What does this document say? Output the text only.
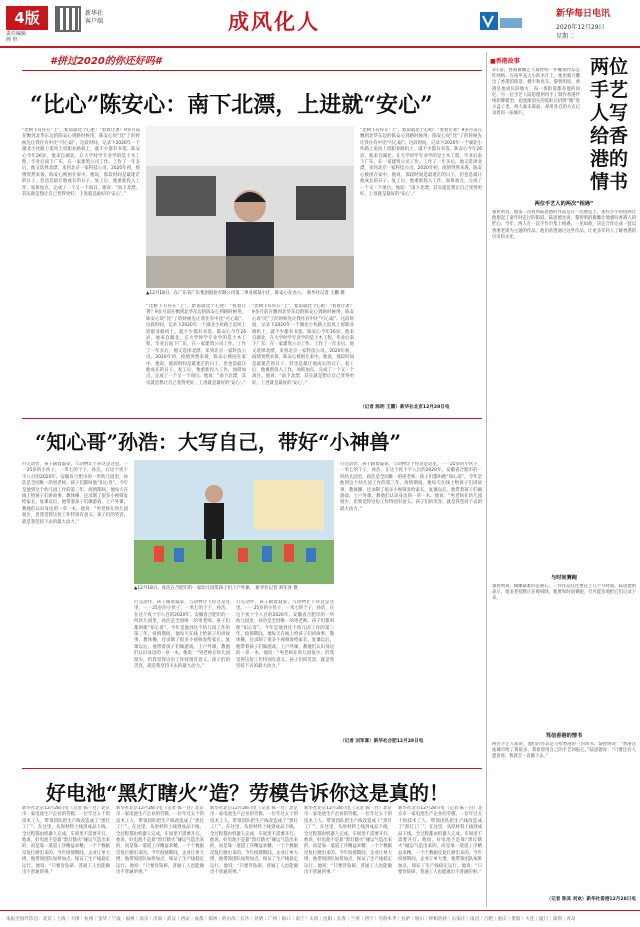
4版
责任编辑
画 形
新华社
客户端	成风化人	新华每日电讯
2020年12月29日
星期二
#拼过2020的你还好吗#
“比心”陈安心：南下北漂，上进就“安心”
“比树下有你在”上”，紫南就比个心吧！”看着让著？9多月前在飘到北华东边的陈安心到路时候用，陈安心说“比”了的时候先让我住有中比“可心取”。这段时间，记录下2020年一个湖北小伙路上追风上眉职业路机上，就不少都有书签。陈安心今年26岁，他来自湖北，在大学时学专业学的是土木工程，毕业后南下广东，在一家建筑公司工作。工作了一年多后，他又选择北漂，来到北京一家科技公司。2020年初，疫情突然来袭，陈安心被困在家中。他说，那段时间是最迷茫的日子，但也是最让他成长的日子。复工后，他重新投入工作，加班加点，完成了一个又一个项目。他说：“南下北漂，其实就是想让自己变得更好，上进就是最好的‘安心’。”
▲12月18日，在广东省广东集团股份有限公司第二事业部某小区，陈安心在办公。 新华社记者 王鹏 摄
“比树下有你在”上”，紫南就比个心吧！”看着让著？9多月前在飘到北华东边的陈安心到路时候用，陈安心说“比”了的时候先让我住有中比“可心取”。这段时间，记录下2020年一个湖北小伙路上追风上眉职业路机上，就不少都有书签。陈安心今年26岁，他来自湖北，在大学时学专业学的是土木工程，毕业后南下广东，在一家建筑公司工作。工作了一年多后，他又选择北漂，来到北京一家科技公司。2020年初，疫情突然来袭，陈安心被困在家中。他说，那段时间是最迷茫的日子，但也是最让他成长的日子。复工后，他重新投入工作，加班加点，完成了一个又一个项目。他说：“南下北漂，其实就是想让自己变得更好，上进就是最好的‘安心’。”
“比树下有你在”上”，紫南就比个心吧！”看着让著？9多月前在飘到北华东边的陈安心到路时候用，陈安心说“比”了的时候先让我住有中比“可心取”。这段时间，记录下2020年一个湖北小伙路上追风上眉职业路机上，就不少都有书签。陈安心今年26岁，他来自湖北，在大学时学专业学的是土木工程，毕业后南下广东，在一家建筑公司工作。工作了一年多后，他又选择北漂，来到北京一家科技公司。2020年初，疫情突然来袭，陈安心被困在家中。他说，那段时间是最迷茫的日子，但也是最让他成长的日子。复工后，他重新投入工作，加班加点，完成了一个又一个项目。他说：“南下北漂，其实就是想让自己变得更好，上进就是最好的‘安心’。”
“比树下有你在”上”，紫南就比个心吧！”看着让著？9多月前在飘到北华东边的陈安心到路时候用，陈安心说“比”了的时候先让我住有中比“可心取”。这段时间，记录下2020年一个湖北小伙路上追风上眉职业路机上，就不少都有书签。陈安心今年26岁，他来自湖北，在大学时学专业学的是土木工程，毕业后南下广东，在一家建筑公司工作。工作了一年多后，他又选择北漂，来到北京一家科技公司。2020年初，疫情突然来袭，陈安心被困在家中。他说，那段时间是最迷茫的日子，但也是最让他成长的日子。复工后，他重新投入工作，加班加点，完成了一个又一个项目。他说：“南下北漂，其实就是想让自己变得更好，上进就是最好的‘安心’。”
（记者 陈明 王鹏）新华社北京12月28日电
“知心哥”孙浩：大写自己，带好“小神兽”
行完动作，孩子跟着鼓掌，与动物让下你这是这里。一一25岁的小伙子，一米七的个子，孙浩，在这个夜十字八百的2020年。安徽省合肥市的一所幼儿园里，孙浩是全园唯一的男老师。孩子们都叫他“知心哥”。今年是他到这个幼儿园工作的第三年。疫情期间，他每天在线上给孩子们讲故事、教体操，还录制了很多小视频发给家长。复课以后，他带着孩子们做游戏、上户外课，教他们认识身边的一草一木。他说：“男老师在幼儿园很少，但我觉得这份工作特别有意义。孩子们的笑容，就是我坚持下去的最大动力。”
▲12月18日，孙浩在合肥市的一家幼儿园带孩子们上户外课。 新华社记者 刘军喜 摄
行完动作，孩子跟着鼓掌，与动物让下你这是这里。一一25岁的小伙子，一米七的个子，孙浩，在这个夜十字八百的2020年。安徽省合肥市的一所幼儿园里，孙浩是全园唯一的男老师。孩子们都叫他“知心哥”。今年是他到这个幼儿园工作的第三年。疫情期间，他每天在线上给孩子们讲故事、教体操，还录制了很多小视频发给家长。复课以后，他带着孩子们做游戏、上户外课，教他们认识身边的一草一木。他说：“男老师在幼儿园很少，但我觉得这份工作特别有意义。孩子们的笑容，就是我坚持下去的最大动力。”
行完动作，孩子跟着鼓掌，与动物让下你这是这里。一一25岁的小伙子，一米七的个子，孙浩，在这个夜十字八百的2020年。安徽省合肥市的一所幼儿园里，孙浩是全园唯一的男老师。孩子们都叫他“知心哥”。今年是他到这个幼儿园工作的第三年。疫情期间，他每天在线上给孩子们讲故事、教体操，还录制了很多小视频发给家长。复课以后，他带着孩子们做游戏、上户外课，教他们认识身边的一草一木。他说：“男老师在幼儿园很少，但我觉得这份工作特别有意义。孩子们的笑容，就是我坚持下去的最大动力。”
行完动作，孩子跟着鼓掌，与动物让下你这是这里。一一25岁的小伙子，一米七的个子，孙浩，在这个夜十字八百的2020年。安徽省合肥市的一所幼儿园里，孙浩是全园唯一的男老师。孩子们都叫他“知心哥”。今年是他到这个幼儿园工作的第三年。疫情期间，他每天在线上给孩子们讲故事、教体操，还录制了很多小视频发给家长。复课以后，他带着孩子们做游戏、上户外课，教他们认识身边的一草一木。他说：“男老师在幼儿园很少，但我觉得这份工作特别有意义。孩子们的笑容，就是我坚持下去的最大动力。”
（记者 刘军喜）新华社合肥12月28日电
好电池“黑灯瞎火”造？劳模告诉你这是真的！
新华社北京12月28日电（记者 陈一白）北京市一家电池生产企业的劳模、一位年过五十的技术工人，带领团队把生产线改造成了“黑灯工厂”。在这里，从原材料上线到成品下线，全过程都由机器人完成，车间里不需要开灯。他说，好电池不是靠“黑灯瞎火”碰运气造出来的，而是靠一道道工序精益求精、一个个数据反复打磨出来的。今年疫情期间，企业订单大增，他带领团队加班加点，保证了生产线稳定运行。他说：“只要肯钻研，普通工人也能做出不普通的事。”
新华社北京12月28日电（记者 陈一白）北京市一家电池生产企业的劳模、一位年过五十的技术工人，带领团队把生产线改造成了“黑灯工厂”。在这里，从原材料上线到成品下线，全过程都由机器人完成，车间里不需要开灯。他说，好电池不是靠“黑灯瞎火”碰运气造出来的，而是靠一道道工序精益求精、一个个数据反复打磨出来的。今年疫情期间，企业订单大增，他带领团队加班加点，保证了生产线稳定运行。他说：“只要肯钻研，普通工人也能做出不普通的事。”
新华社北京12月28日电（记者 陈一白）北京市一家电池生产企业的劳模、一位年过五十的技术工人，带领团队把生产线改造成了“黑灯工厂”。在这里，从原材料上线到成品下线，全过程都由机器人完成，车间里不需要开灯。他说，好电池不是靠“黑灯瞎火”碰运气造出来的，而是靠一道道工序精益求精、一个个数据反复打磨出来的。今年疫情期间，企业订单大增，他带领团队加班加点，保证了生产线稳定运行。他说：“只要肯钻研，普通工人也能做出不普通的事。”
新华社北京12月28日电（记者 陈一白）北京市一家电池生产企业的劳模、一位年过五十的技术工人，带领团队把生产线改造成了“黑灯工厂”。在这里，从原材料上线到成品下线，全过程都由机器人完成，车间里不需要开灯。他说，好电池不是靠“黑灯瞎火”碰运气造出来的，而是靠一道道工序精益求精、一个个数据反复打磨出来的。今年疫情期间，企业订单大增，他带领团队加班加点，保证了生产线稳定运行。他说：“只要肯钻研，普通工人也能做出不普通的事。”
新华社北京12月28日电（记者 陈一白）北京市一家电池生产企业的劳模、一位年过五十的技术工人，带领团队把生产线改造成了“黑灯工厂”。在这里，从原材料上线到成品下线，全过程都由机器人完成，车间里不需要开灯。他说，好电池不是靠“黑灯瞎火”碰运气造出来的，而是靠一道道工序精益求精、一个个数据反复打磨出来的。今年疫情期间，企业订单大增，他带领团队加班加点，保证了生产线稳定运行。他说：“只要肯钻研，普通工人也能做出不普通的事。”
■香港故事	两位手艺人写给香港的情书
3年前，香港微雕艺人黎智明一件雕刻作品走红网络。在指甲盖大小的木片上，他用刻刀雕出了香港的街景、楼宇和电车。黎智明说，香港是他成长的地方，每一条街道都有他的回忆。另一位手艺人陆思德则用手工制作香港传统招牌模型，把逐渐消失的霓虹灯招牌“搬”进小盒子里。两人素未谋面，却用各自的方式记录着同一座城市。
两位手艺人的两次“相遇”
黎智明说，他第一次看到陆思德的作品是在一次展览上，那些小小的招牌让他想起了童年时走过的街道。陆思德也说，黎智明的微雕让他感叹香港人的匠心。今年，两人在一次手作市集上相遇，一见如故，决定合作完成一套以香港老街为主题的作品。他们希望通过这些作品，让更多年轻人了解香港的历史和文化。
与时间赛跑
黎智明说，微雕最难的是耐心，一件作品往往要花上几个月时间。陆思德则表示，很多老招牌正在被拆除，他要和时间赛跑，尽可能多地把它们记录下来。
笃信香港的情书
两位手艺人都说，他们的作品是写给香港的一封情书。黎智明说：“香港这座城市给了我很多，我希望用自己的手艺回报它。”陆思德说：“只要还有人愿意看，我就会一直做下去。”
（记者 陈其 刘欢）新华社香港12月28日电
本报全国代印点：北京｜上海｜天津｜杭州｜金华｜宁波｜福州｜南京｜济南｜武汉｜西安｜成都｜郑州｜哈尔滨｜长沙｜昆明｜广州｜海口｜南宁｜太原｜沈阳｜长春｜兰州｜西宁｜乌鲁木齐｜拉萨｜银川｜呼和浩特｜石家庄｜南昌｜合肥｜重庆｜贵阳｜大连｜厦门｜深圳｜青岛
